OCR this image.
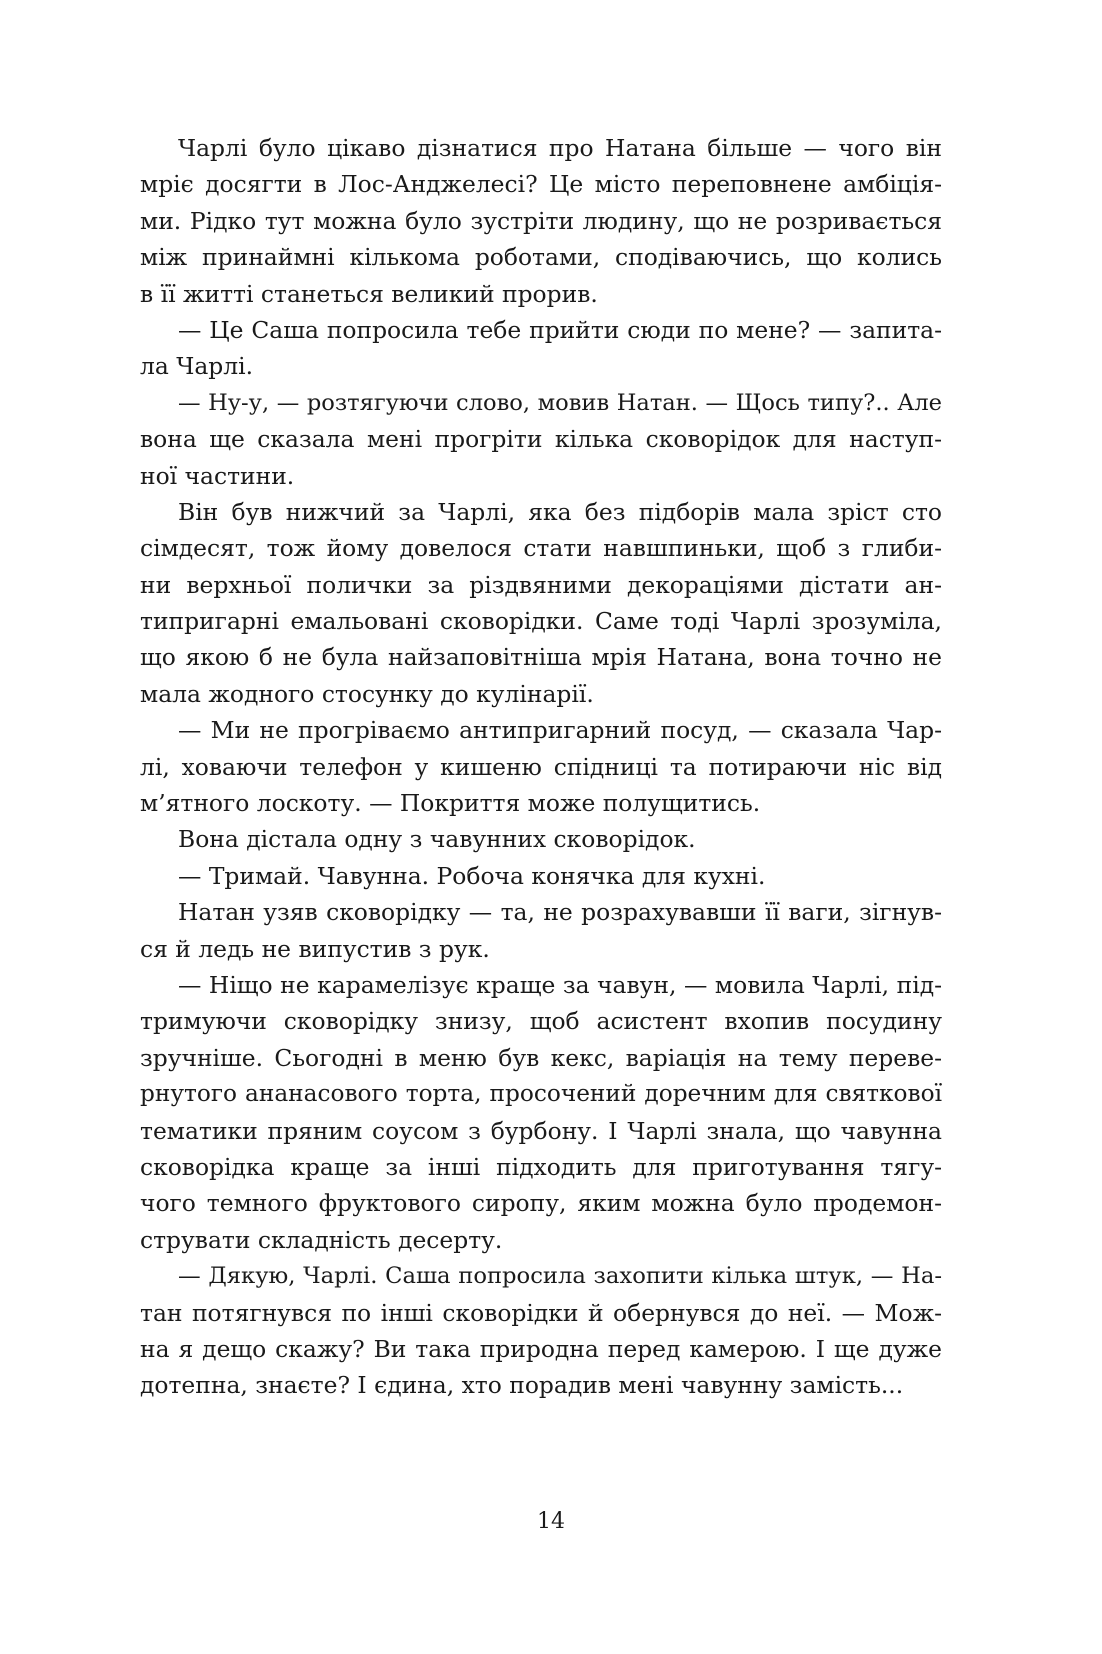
Чарлі було цікаво дізнатися про Натана більше — чого він
мріє досягти в Лос-Анджелесі? Це місто переповнене амбіція-
ми. Рідко тут можна було зустріти людину, що не розривається
між принаймні кількома роботами, сподіваючись, що колись
в її житті станеться великий прорив.
— Це Саша попросила тебе прийти сюди по мене? — запита-
ла Чарлі.
— Ну-у, — розтягуючи слово, мовив Натан. — Щось типу?.. Але
вона ще сказала мені прогріти кілька сковорідок для наступ-
ної частини.
Він був нижчий за Чарлі, яка без підборів мала зріст сто
сімдесят, тож йому довелося стати навшпиньки, щоб з глиби-
ни верхньої полички за різдвяними декораціями дістати ан-
типригарні емальовані сковорідки. Саме тоді Чарлі зрозуміла,
що якою б не була найзаповітніша мрія Натана, вона точно не
мала жодного стосунку до кулінарії.
— Ми не прогріваємо антипригарний посуд, — сказала Чар-
лі, ховаючи телефон у кишеню спідниці та потираючи ніс від
м’ятного лоскоту. — Покриття може полущитись.
Вона дістала одну з чавунних сковорідок.
— Тримай. Чавунна. Робоча конячка для кухні.
Натан узяв сковорідку — та, не розрахувавши її ваги, зігнув-
ся й ледь не випустив з рук.
— Ніщо не карамелізує краще за чавун, — мовила Чарлі, під-
тримуючи сковорідку знизу, щоб асистент вхопив посудину
зручніше. Сьогодні в меню був кекс, варіація на тему переве-
рнутого ананасового торта, просочений доречним для святкової
тематики пряним соусом з бурбону. І Чарлі знала, що чавунна
сковорідка краще за інші підходить для приготування тягу-
чого темного фруктового сиропу, яким можна було продемон-
струвати складність десерту.
— Дякую, Чарлі. Саша попросила захопити кілька штук, — На-
тан потягнувся по інші сковорідки й обернувся до неї. — Мож-
на я дещо скажу? Ви така природна перед камерою. І ще дуже
дотепна, знаєте? І єдина, хто порадив мені чавунну замість...
14
